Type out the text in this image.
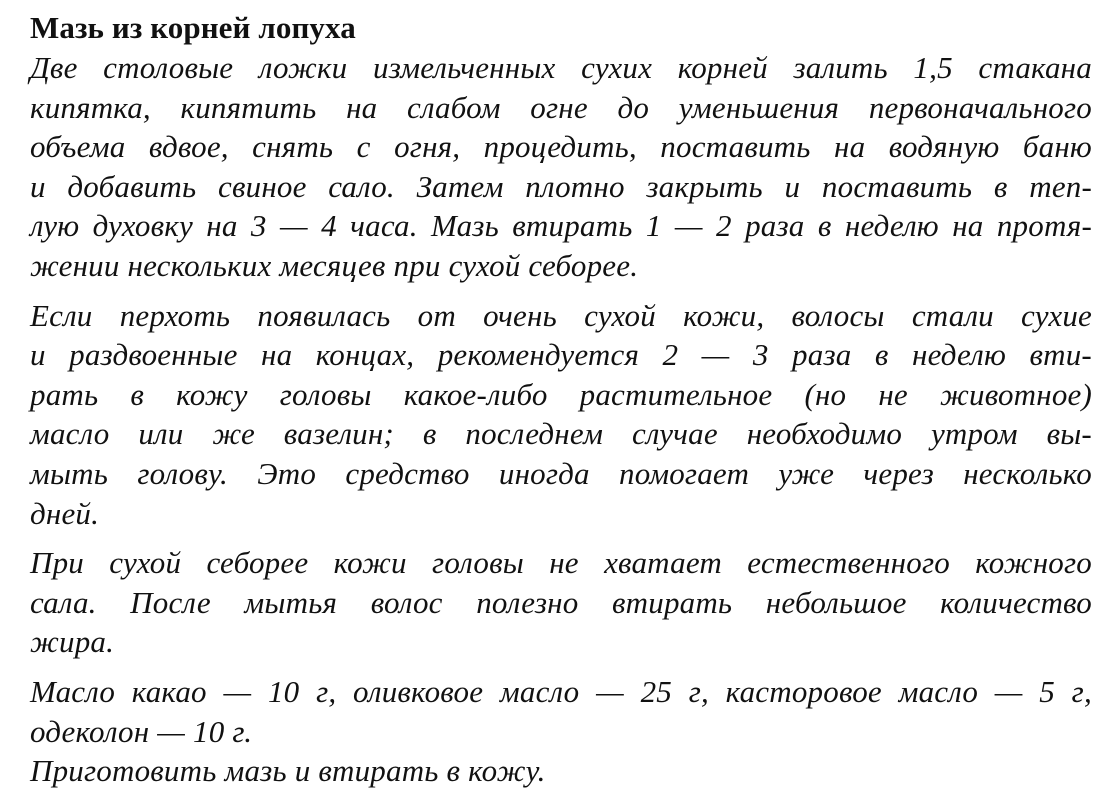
Мазь из корней лопуха

Две столовые ложки измельченных сухих корней залить 1,5 стакана
кипятка, кипятить на слабом огне до уменьшения первоначального
объема вдвое, снять с огня, процедить, поставить на водяную баню
и добавить свиное сало. Затем плотно закрыть и поставить в теп-
лую духовку на 3 — 4 часа. Мазь втирать 1 — 2 раза в неделю на протя-
жении нескольких месяцев при сухой себорее.

Если перхоть появилась от очень сухой кожи, волосы стали сухие
и раздвоенные на концах, рекомендуется 2 — 3 раза в неделю вти-
рать в кожу головы какое-либо растительное (но не животное)
масло или же вазелин; в последнем случае необходимо утром вы-
мыть голову. Это средство иногда помогает уже через несколько
дней.

При сухой себорее кожи головы не хватает естественного кожного
сала. После мытья волос полезно втирать небольшое количество
жира.

Масло какао — 10 г, оливковое масло — 25 г, касторовое масло — 5 г,
одеколон — 10 г.

Приготовить мазь и втирать в кожу.
